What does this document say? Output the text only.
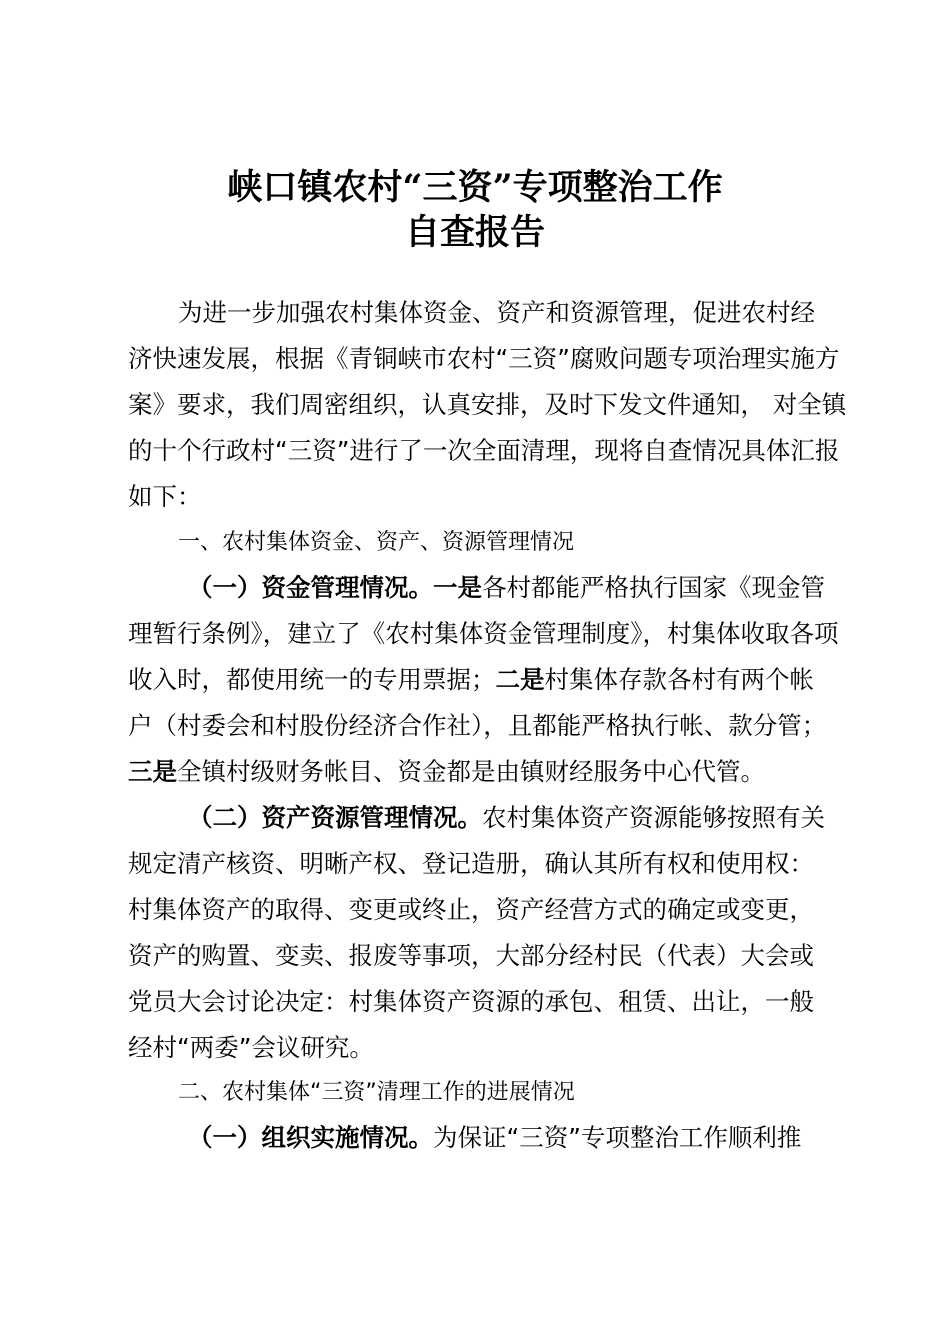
峡口镇农村“三资”专项整治工作
自查报告
为进一步加强农村集体资金、资产和资源管理，促进农村经
济快速发展，根据《青铜峡市农村“三资”腐败问题专项治理实施方
案》要求，我们周密组织，认真安排，及时下发文件通知， 对全镇
的十个行政村“三资”进行了一次全面清理，现将自查情况具体汇报
如下：
一、农村集体资金、资产、资源管理情况
（一）资金管理情况。一是各村都能严格执行国家《现金管
理暂行条例》，建立了《农村集体资金管理制度》，村集体收取各项
收入时，都使用统一的专用票据；二是村集体存款各村有两个帐
户（村委会和村股份经济合作社），且都能严格执行帐、款分管；
三是全镇村级财务帐目、资金都是由镇财经服务中心代管。
（二）资产资源管理情况。农村集体资产资源能够按照有关
规定清产核资、明晰产权、登记造册，确认其所有权和使用权：
村集体资产的取得、变更或终止，资产经营方式的确定或变更，
资产的购置、变卖、报废等事项，大部分经村民（代表）大会或
党员大会讨论决定：村集体资产资源的承包、租赁、出让，一般
经村“两委”会议研究。
二、农村集体“三资”清理工作的进展情况
（一）组织实施情况。为保证“三资”专项整治工作顺利推
